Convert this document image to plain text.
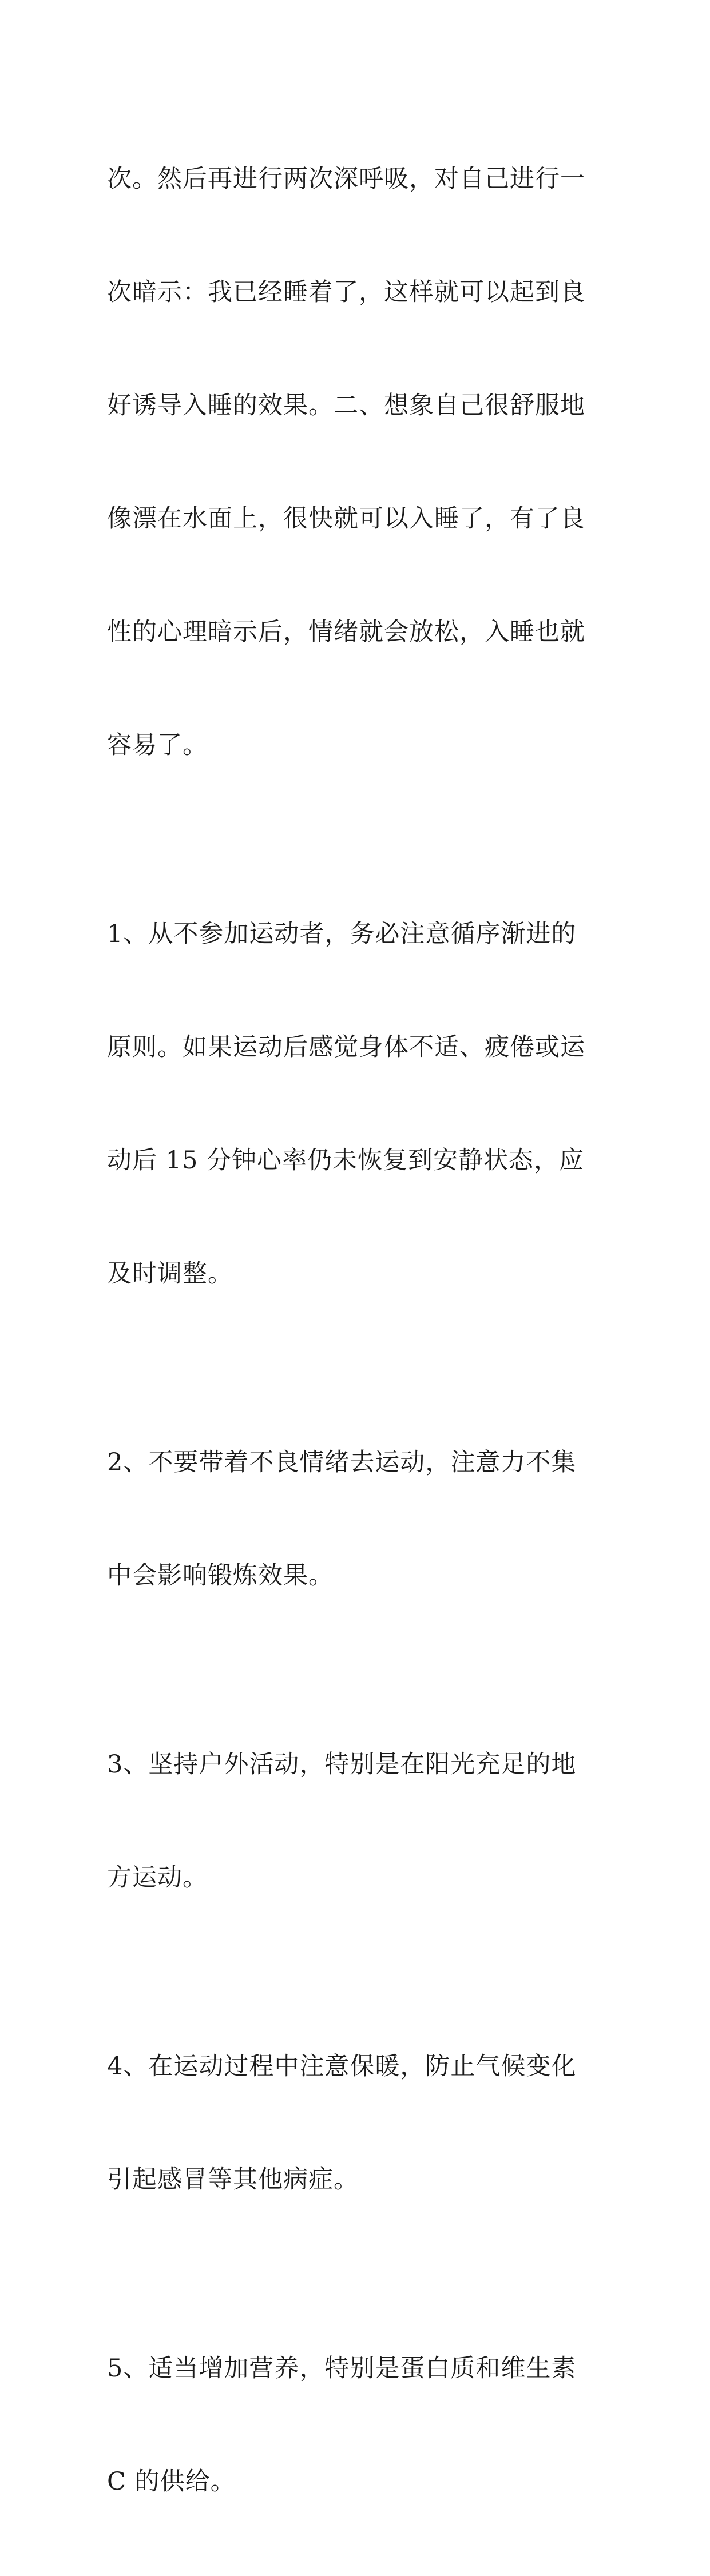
次。然后再进行两次深呼吸，对自己进行一

次暗示：我已经睡着了，这样就可以起到良

好诱导入睡的效果。二、想象自己很舒服地

像漂在水面上，很快就可以入睡了，有了良

性的心理暗示后，情绪就会放松，入睡也就

容易了。

1、从不参加运动者，务必注意循序渐进的

原则。如果运动后感觉身体不适、疲倦或运

动后 15 分钟心率仍未恢复到安静状态，应

及时调整。

2、不要带着不良情绪去运动，注意力不集

中会影响锻炼效果。

3、坚持户外活动，特别是在阳光充足的地

方运动。

4、在运动过程中注意保暖，防止气候变化

引起感冒等其他病症。

5、适当增加营养，特别是蛋白质和维生素

C 的供给。
